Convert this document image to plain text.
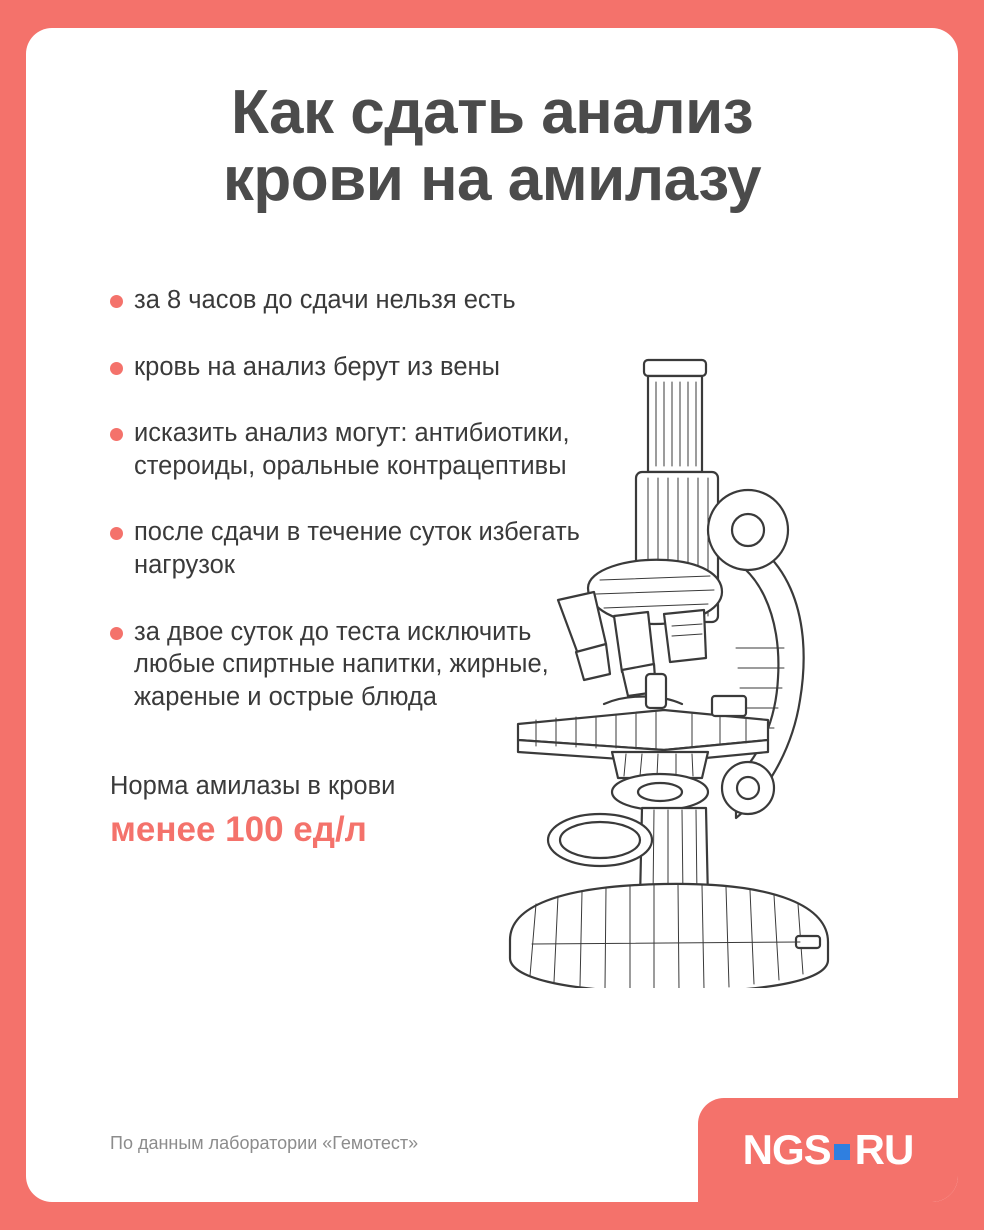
Как сдать анализ
крови на амилазу
за 8 часов до сдачи нельзя есть
кровь на анализ берут из вены
исказить анализ могут: антибиотики, стероиды, оральные контрацептивы
после сдачи в течение суток избегать нагрузок
за двое суток до теста исключить любые спиртные напитки, жирные, жареные и острые блюда
Норма амилазы в крови
менее 100 ед/л
По данным лаборатории «Гемотест»	NGS RU
